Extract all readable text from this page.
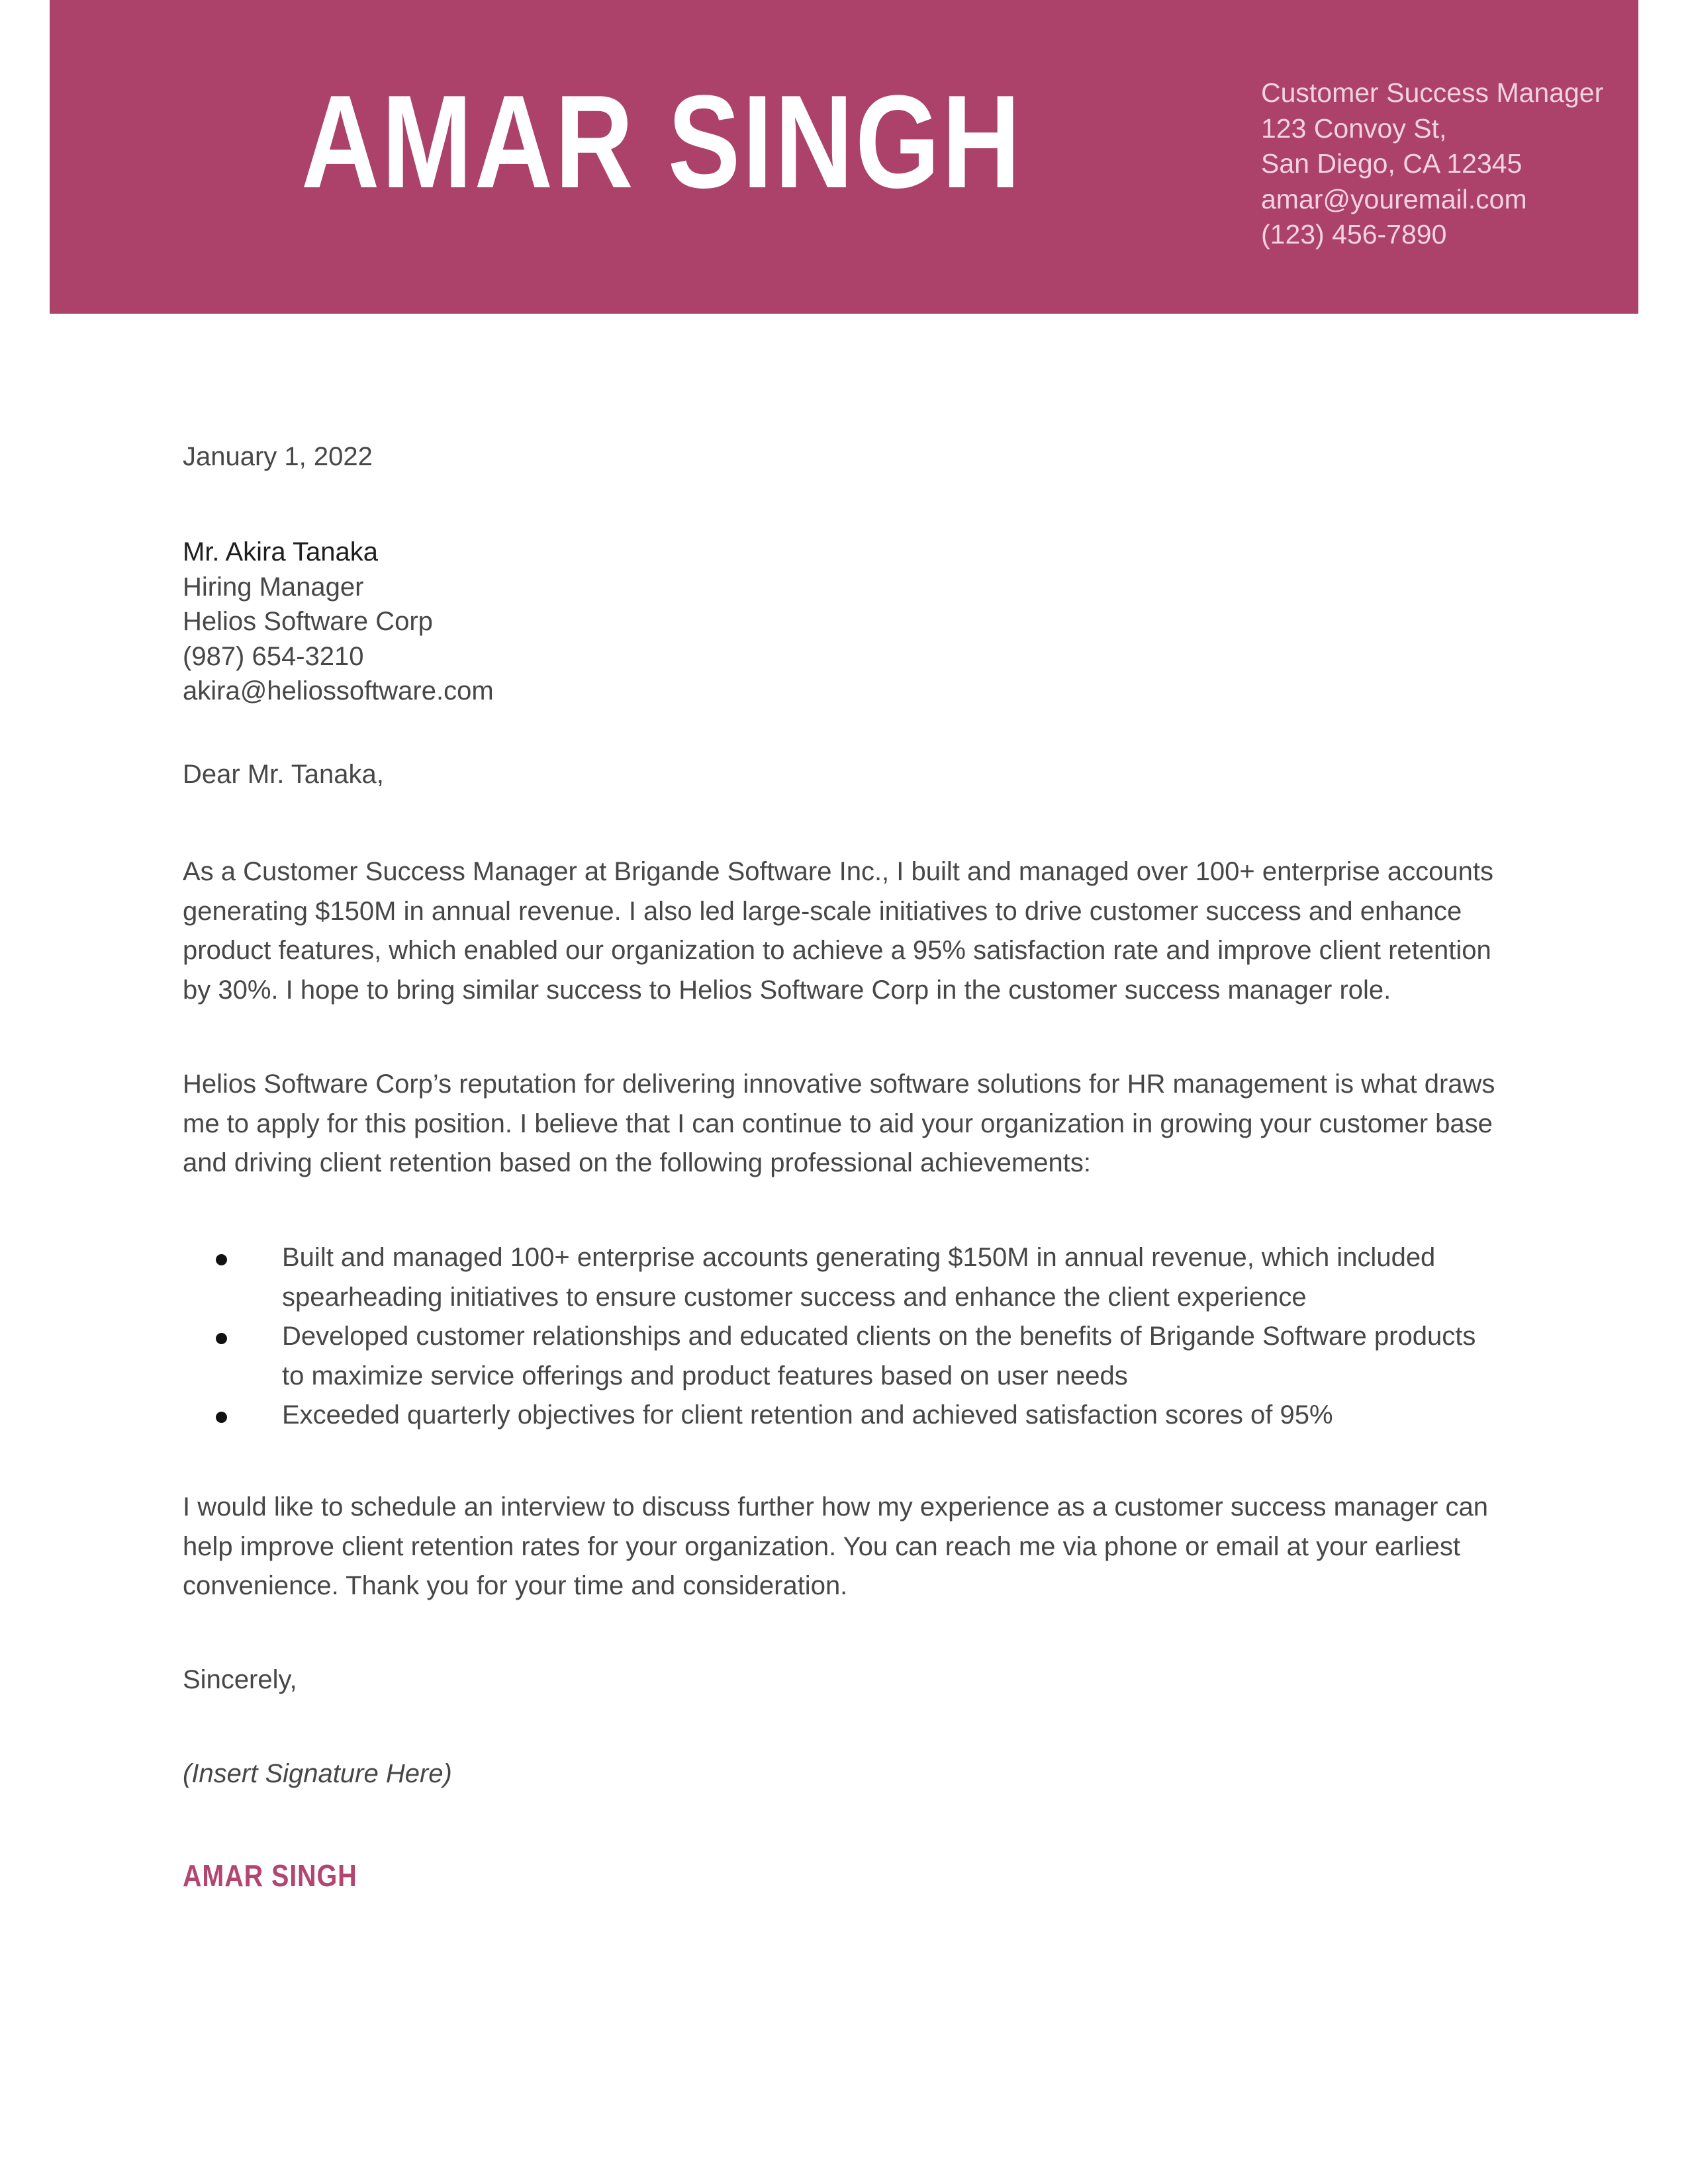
AMAR SINGH	Customer Success Manager
123 Convoy St,
San Diego, CA 12345
amar@youremail.com
(123) 456-7890
January 1, 2022
Mr. Akira Tanaka
Hiring Manager
Helios Software Corp
(987) 654-3210
akira@heliossoftware.com
Dear Mr. Tanaka,
As a Customer Success Manager at Brigande Software Inc., I built and managed over 100+ enterprise accounts
generating $150M in annual revenue. I also led large-scale initiatives to drive customer success and enhance
product features, which enabled our organization to achieve a 95% satisfaction rate and improve client retention
by 30%. I hope to bring similar success to Helios Software Corp in the customer success manager role.
Helios Software Corp’s reputation for delivering innovative software solutions for HR management is what draws
me to apply for this position. I believe that I can continue to aid your organization in growing your customer base
and driving client retention based on the following professional achievements:
Built and managed 100+ enterprise accounts generating $150M in annual revenue, which included
spearheading initiatives to ensure customer success and enhance the client experience
Developed customer relationships and educated clients on the benefits of Brigande Software products
to maximize service offerings and product features based on user needs
Exceeded quarterly objectives for client retention and achieved satisfaction scores of 95%
I would like to schedule an interview to discuss further how my experience as a customer success manager can
help improve client retention rates for your organization. You can reach me via phone or email at your earliest
convenience. Thank you for your time and consideration.
Sincerely,
(Insert Signature Here)
AMAR SINGH
